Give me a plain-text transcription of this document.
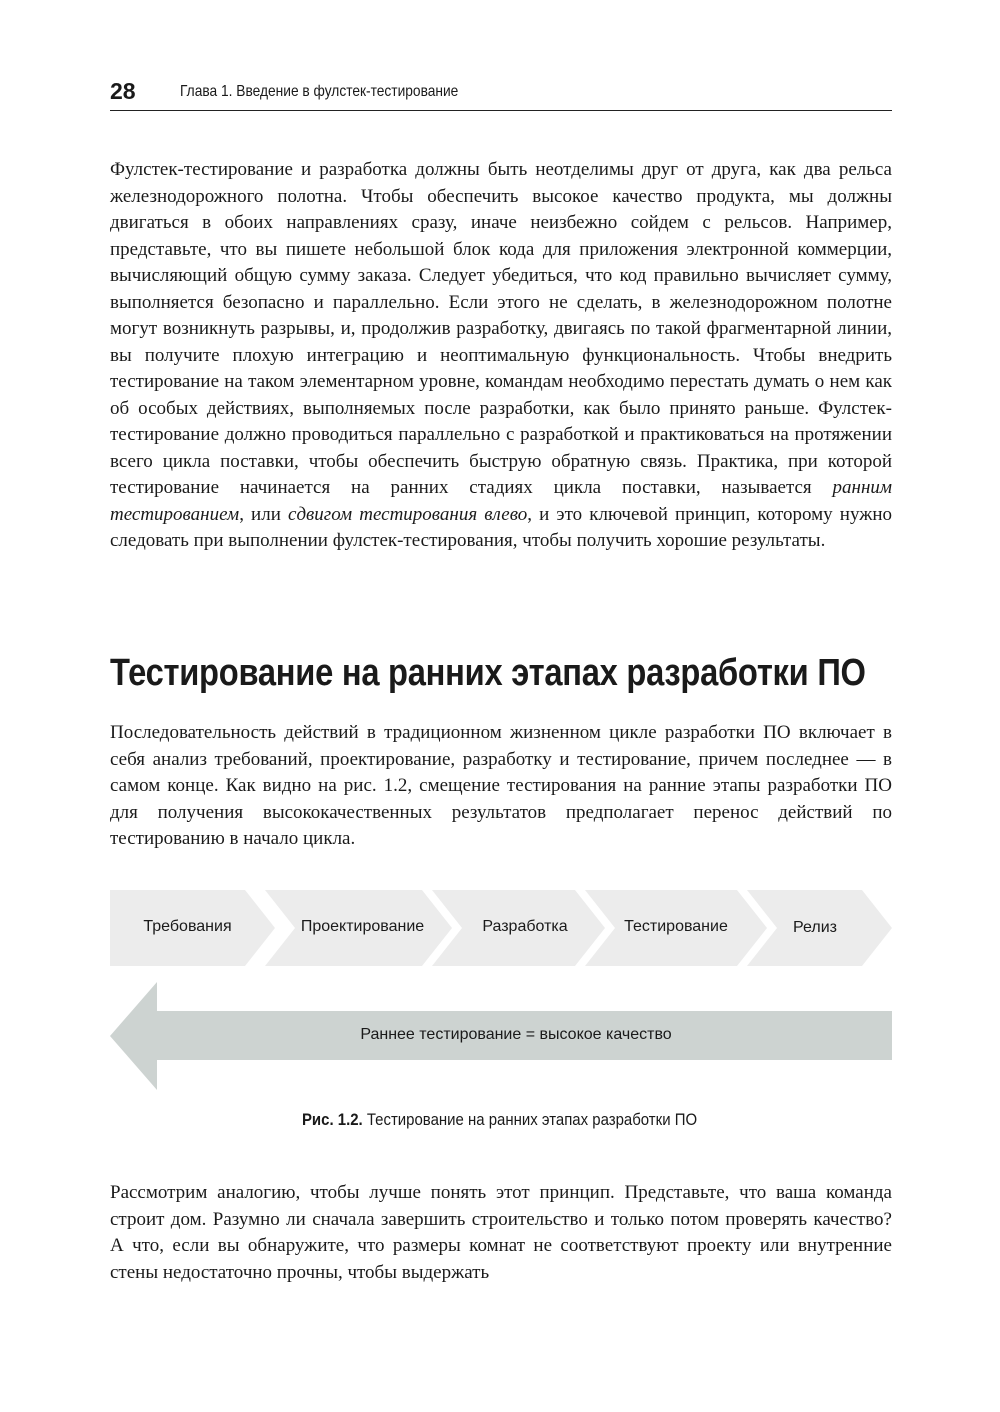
28	Глава 1. Введение в фулстек-тестирование

Фулстек-тестирование и разработка должны быть неотделимы друг от друга, как два рельса железнодорожного полотна. Чтобы обеспечить высокое качество продукта, мы должны двигаться в обоих направлениях сразу, иначе неизбежно сойдем с рельсов. Например, представьте, что вы пишете небольшой блок кода для приложения электронной коммерции, вычисляющий общую сумму заказа. Следует убедиться, что код правильно вычисляет сумму, выполняется безопасно и параллельно. Если этого не сделать, в железнодорожном полотне могут возникнуть разрывы, и, продолжив разработку, двигаясь по такой фрагментарной линии, вы получите плохую интеграцию и неоптимальную функциональность. Чтобы внедрить тестирование на таком элементарном уровне, командам необходимо перестать думать о нем как об особых действиях, выполняемых после разработки, как было принято раньше. Фулстек-тестирование должно проводиться параллельно с разработкой и практиковаться на протяжении всего цикла поставки, чтобы обеспечить быструю обратную связь. Практика, при которой тестирование начинается на ранних стадиях цикла поставки, называется ранним тестированием, или сдвигом тестирования влево, и это ключевой принцип, которому нужно следовать при выполнении фулстек-тестирования, чтобы получить хорошие результаты.

Тестирование на ранних этапах разработки ПО

Последовательность действий в традиционном жизненном цикле разработки ПО включает в себя анализ требований, проектирование, разработку и тестирование, причем последнее — в самом конце. Как видно на рис. 1.2, смещение тестирования на ранние этапы разработки ПО для получения высококачественных результатов предполагает перенос действий по тестированию в начало цикла.

Требования	Проектирование	Разработка	Тестирование	Релиз
Раннее тестирование = высокое качество
Рис. 1.2. Тестирование на ранних этапах разработки ПО

Рассмотрим аналогию, чтобы лучше понять этот принцип. Представьте, что ваша команда строит дом. Разумно ли сначала завершить строительство и только потом проверять качество? А что, если вы обнаружите, что размеры комнат не соответствуют проекту или внутренние стены недостаточно прочны, чтобы выдержать
